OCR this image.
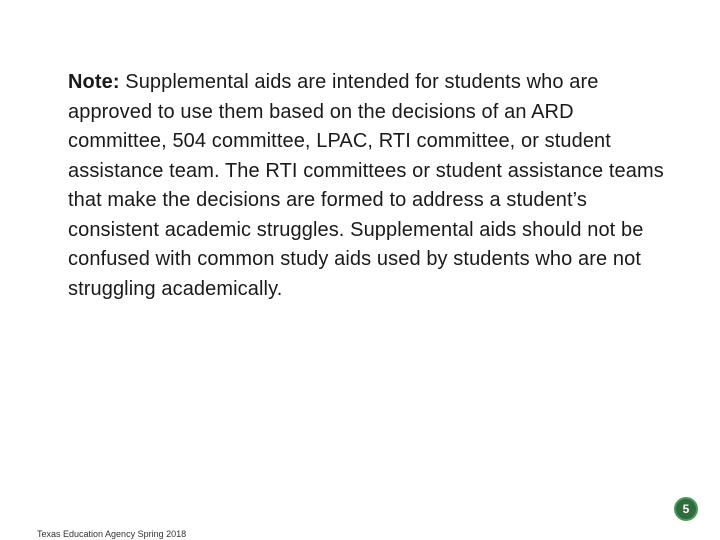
Note: Supplemental aids are intended for students who are approved to use them based on the decisions of an ARD committee, 504 committee, LPAC, RTI committee, or student assistance team. The RTI committees or student assistance teams that make the decisions are formed to address a student’s consistent academic struggles. Supplemental aids should not be confused with common study aids used by students who are not struggling academically.

Texas Education Agency Spring 2018
5
